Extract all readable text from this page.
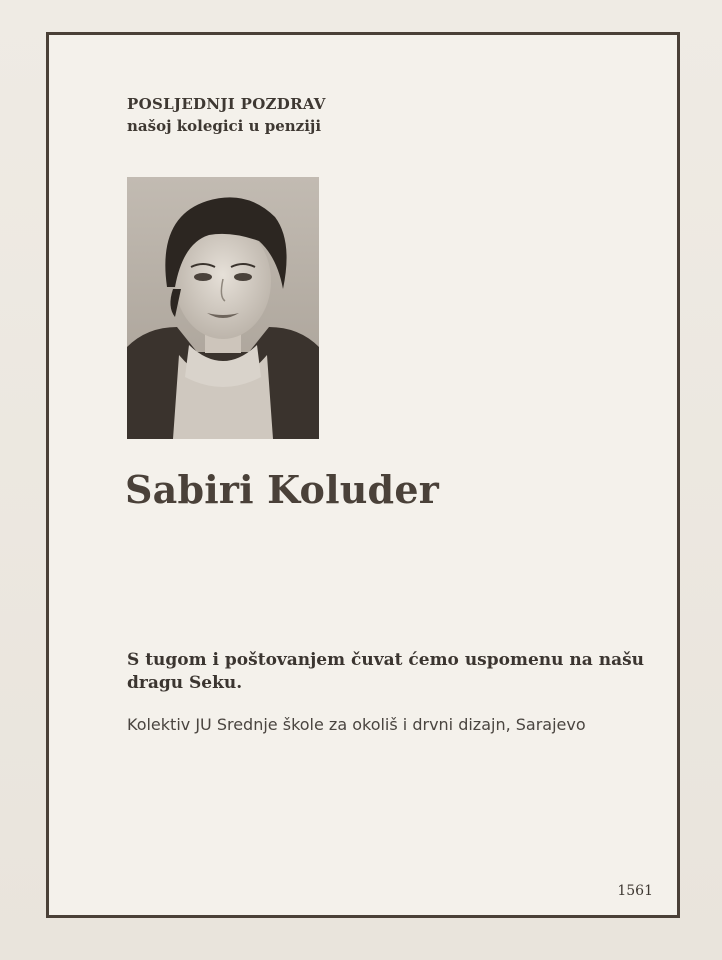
POSLJEDNJI POZDRAV
našoj kolegici u penziji
Sabiri Koluder
S tugom i poštovanjem čuvat ćemo uspomenu na našu dragu Seku.
Kolektiv JU Srednje škole za okoliš i drvni dizajn, Sarajevo
1561
